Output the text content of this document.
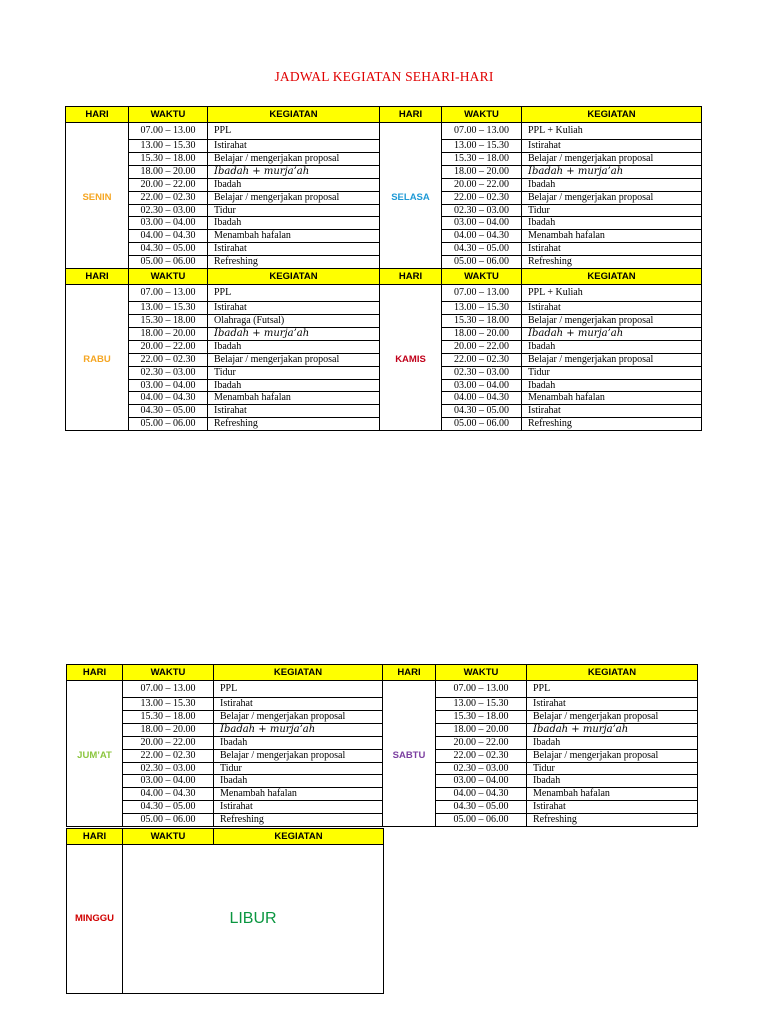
JADWAL KEGIATAN SEHARI-HARI
HARI	WAKTU	KEGIATAN	HARI	WAKTU	KEGIATAN
	07.00 – 13.00	PPL		07.00 – 13.00	PPL + Kuliah
	13.00 – 15.30	Istirahat		13.00 – 15.30	Istirahat
	15.30 – 18.00	Belajar / mengerjakan proposal		15.30 – 18.00	Belajar / mengerjakan proposal
	18.00 – 20.00	Ibadah + murja’ah		18.00 – 20.00	Ibadah + murja’ah
	20.00 – 22.00	Ibadah		20.00 – 22.00	Ibadah
SENIN	22.00 – 02.30	Belajar / mengerjakan proposal	SELASA	22.00 – 02.30	Belajar / mengerjakan proposal
	02.30 – 03.00	Tidur		02.30 – 03.00	Tidur
	03.00 – 04.00	Ibadah		03.00 – 04.00	Ibadah
	04.00 – 04.30	Menambah hafalan		04.00 – 04.30	Menambah hafalan
	04.30 – 05.00	Istirahat		04.30 – 05.00	Istirahat
	05.00 – 06.00	Refreshing		05.00 – 06.00	Refreshing
HARI	WAKTU	KEGIATAN	HARI	WAKTU	KEGIATAN
	07.00 – 13.00	PPL		07.00 – 13.00	PPL + Kuliah
	13.00 – 15.30	Istirahat		13.00 – 15.30	Istirahat
	15.30 – 18.00	Olahraga (Futsal)		15.30 – 18.00	Belajar / mengerjakan proposal
	18.00 – 20.00	Ibadah + murja’ah		18.00 – 20.00	Ibadah + murja’ah
	20.00 – 22.00	Ibadah		20.00 – 22.00	Ibadah
RABU	22.00 – 02.30	Belajar / mengerjakan proposal	KAMIS	22.00 – 02.30	Belajar / mengerjakan proposal
	02.30 – 03.00	Tidur		02.30 – 03.00	Tidur
	03.00 – 04.00	Ibadah		03.00 – 04.00	Ibadah
	04.00 – 04.30	Menambah hafalan		04.00 – 04.30	Menambah hafalan
	04.30 – 05.00	Istirahat		04.30 – 05.00	Istirahat
	05.00 – 06.00	Refreshing		05.00 – 06.00	Refreshing
HARI	WAKTU	KEGIATAN	HARI	WAKTU	KEGIATAN
	07.00 – 13.00	PPL		07.00 – 13.00	PPL
	13.00 – 15.30	Istirahat		13.00 – 15.30	Istirahat
	15.30 – 18.00	Belajar / mengerjakan proposal		15.30 – 18.00	Belajar / mengerjakan proposal
	18.00 – 20.00	Ibadah + murja’ah		18.00 – 20.00	Ibadah + murja’ah
	20.00 – 22.00	Ibadah		20.00 – 22.00	Ibadah
JUM’AT	22.00 – 02.30	Belajar / mengerjakan proposal	SABTU	22.00 – 02.30	Belajar / mengerjakan proposal
	02.30 – 03.00	Tidur		02.30 – 03.00	Tidur
	03.00 – 04.00	Ibadah		03.00 – 04.00	Ibadah
	04.00 – 04.30	Menambah hafalan		04.00 – 04.30	Menambah hafalan
	04.30 – 05.00	Istirahat		04.30 – 05.00	Istirahat
	05.00 – 06.00	Refreshing		05.00 – 06.00	Refreshing
HARI	WAKTU	KEGIATAN
MINGGU	LIBUR	
